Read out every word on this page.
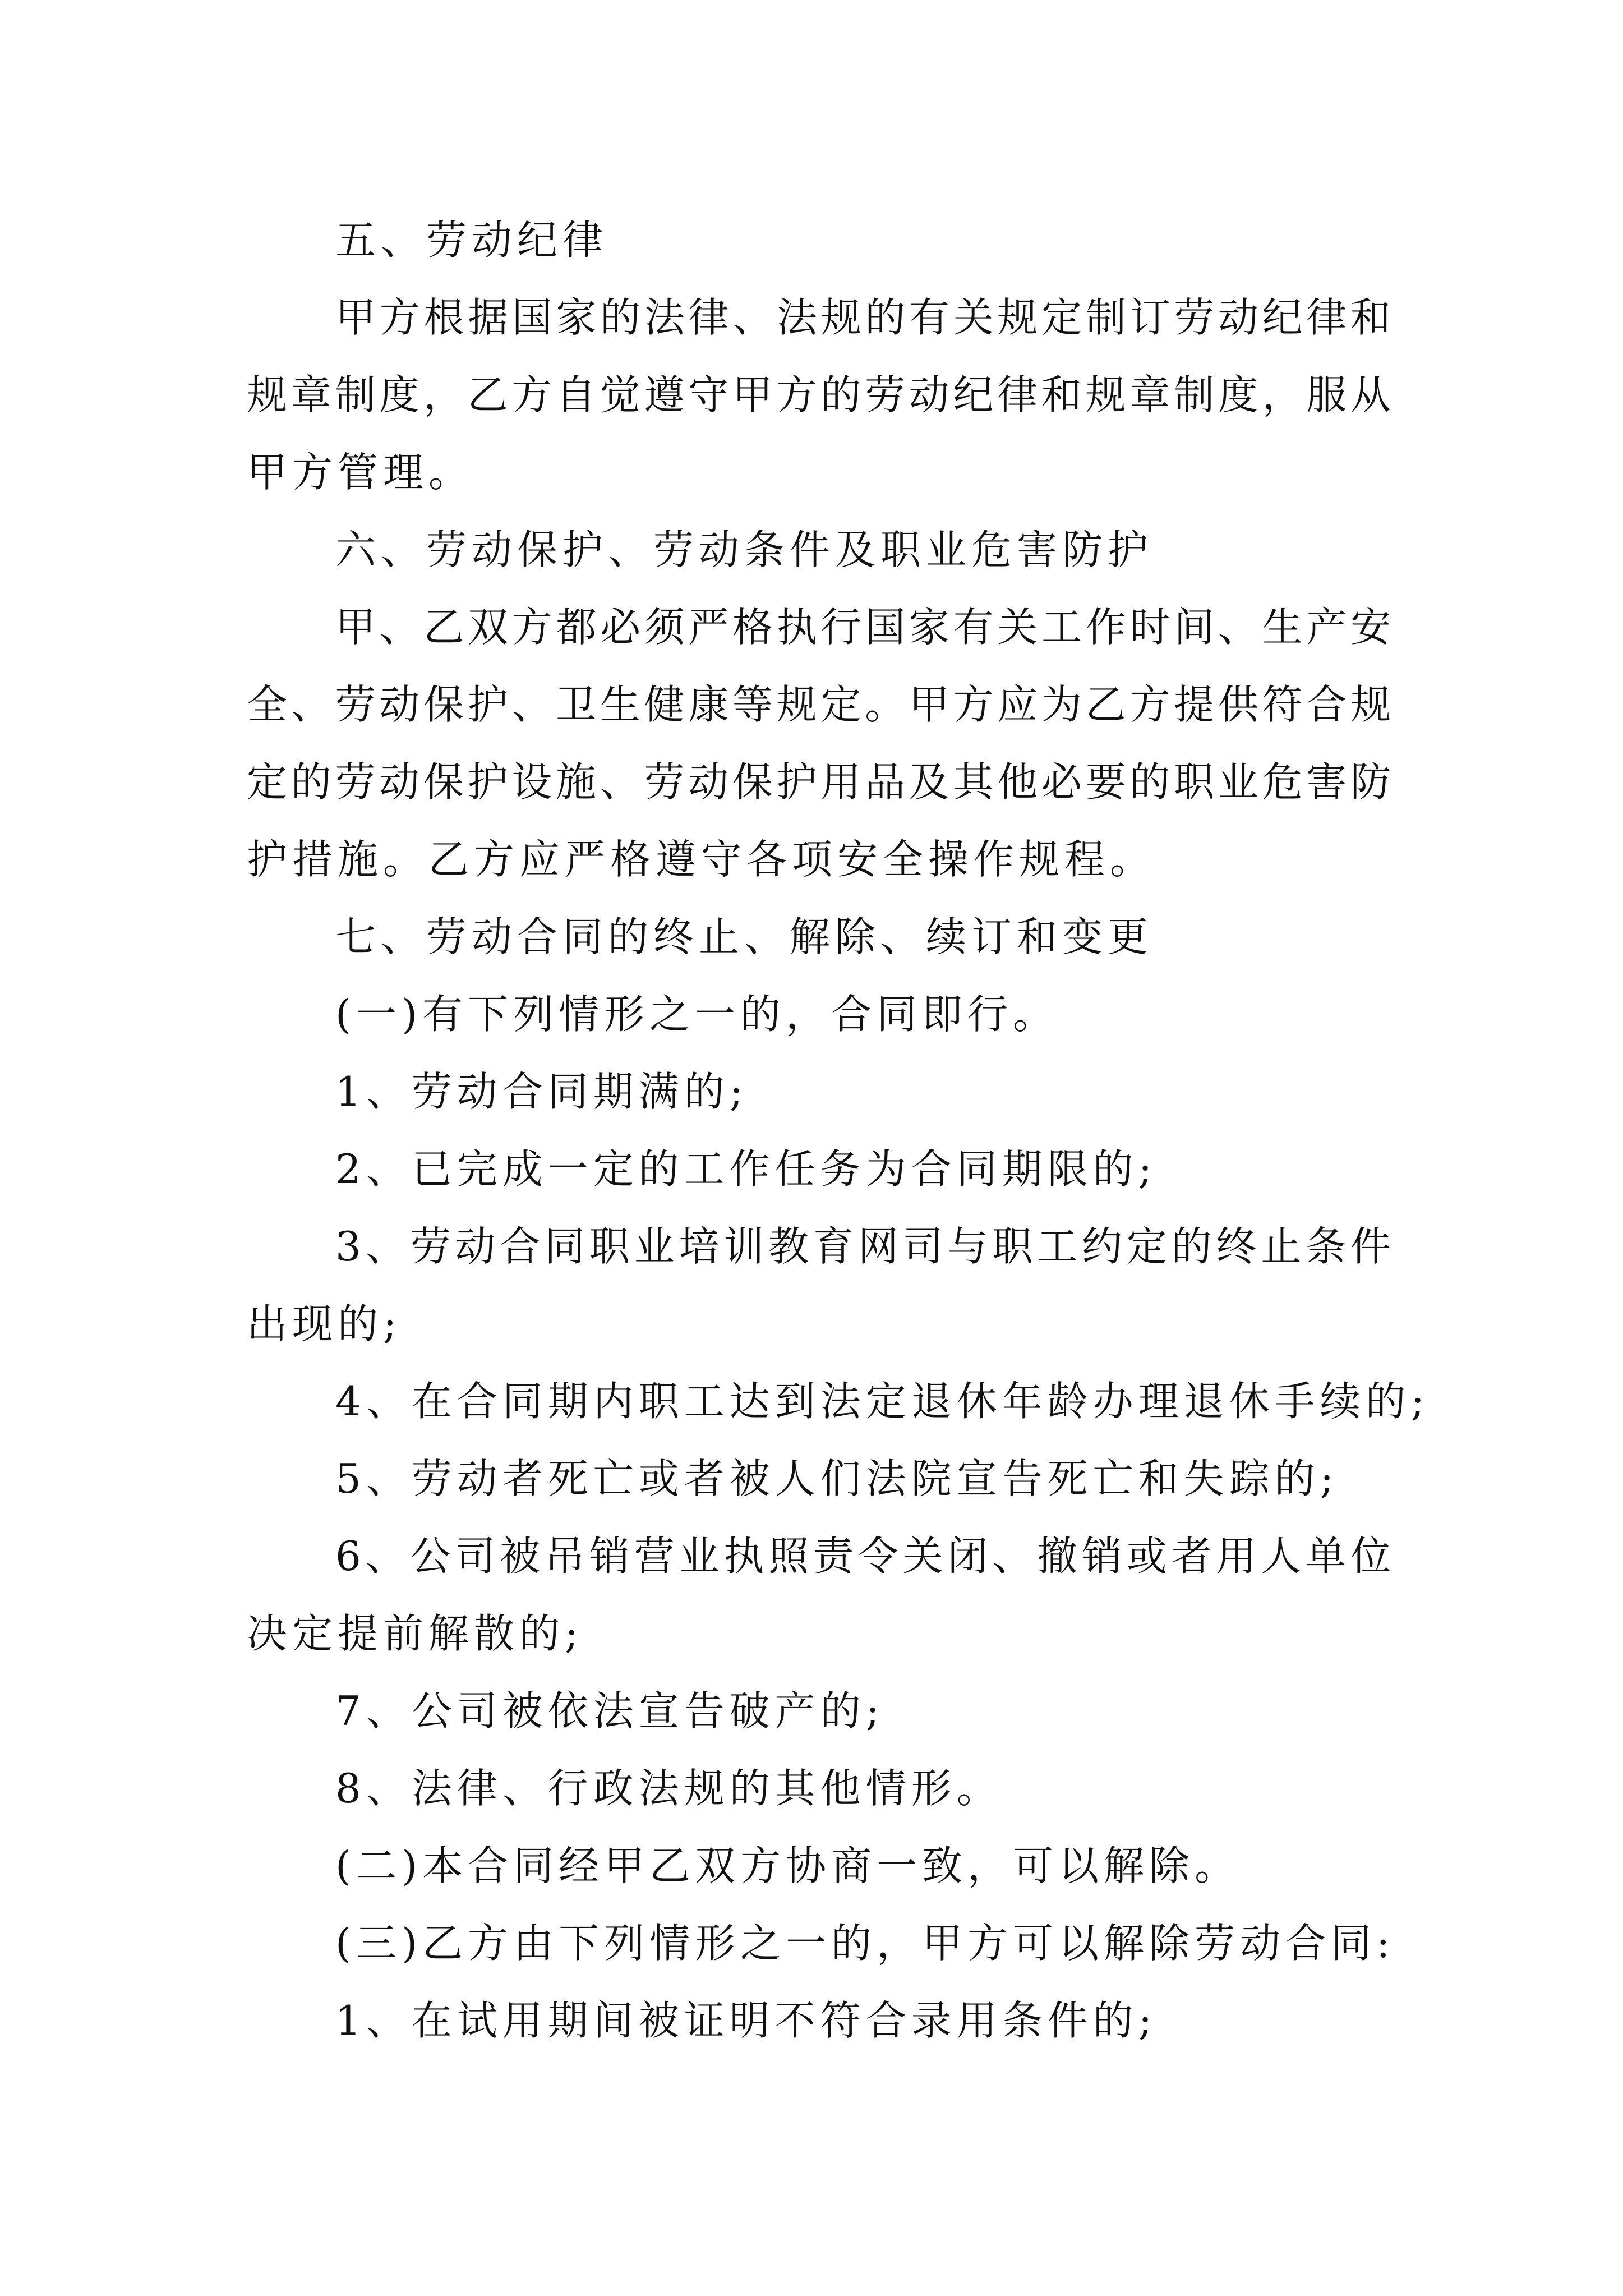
五、劳动纪律
甲方根据国家的法律、法规的有关规定制订劳动纪律和
规章制度，乙方自觉遵守甲方的劳动纪律和规章制度，服从
甲方管理。
六、劳动保护、劳动条件及职业危害防护
甲、乙双方都必须严格执行国家有关工作时间、生产安
全、劳动保护、卫生健康等规定。甲方应为乙方提供符合规
定的劳动保护设施、劳动保护用品及其他必要的职业危害防
护措施。乙方应严格遵守各项安全操作规程。
七、劳动合同的终止、解除、续订和变更
(一)有下列情形之一的，合同即行。
1、劳动合同期满的;
2、已完成一定的工作任务为合同期限的;
3、劳动合同职业培训教育网司与职工约定的终止条件
出现的;
4、在合同期内职工达到法定退休年龄办理退休手续的;
5、劳动者死亡或者被人们法院宣告死亡和失踪的;
6、公司被吊销营业执照责令关闭、撤销或者用人单位
决定提前解散的;
7、公司被依法宣告破产的;
8、法律、行政法规的其他情形。
(二)本合同经甲乙双方协商一致，可以解除。
(三)乙方由下列情形之一的，甲方可以解除劳动合同:
1、在试用期间被证明不符合录用条件的;
